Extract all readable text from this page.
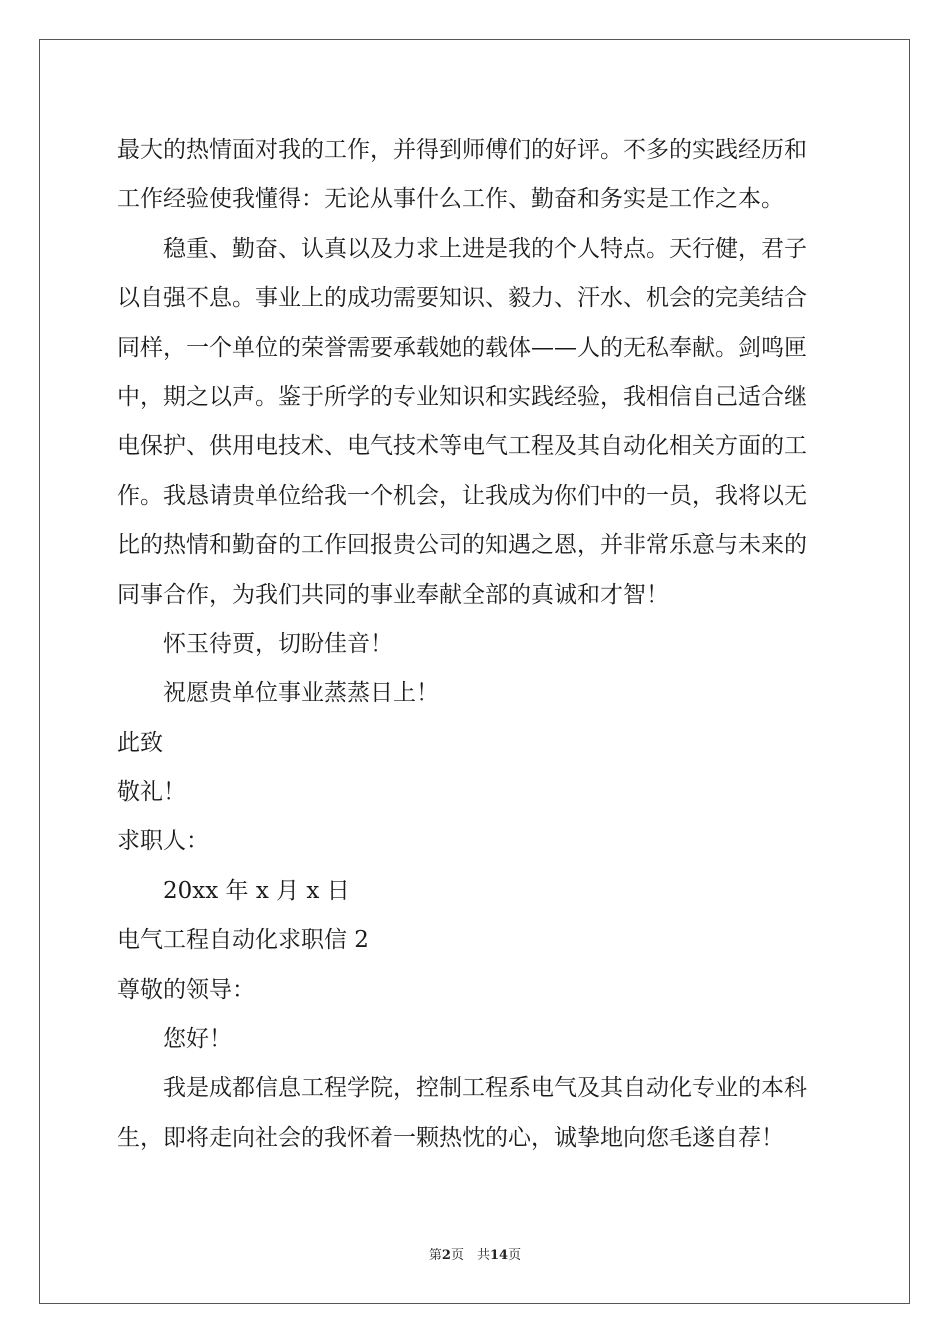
最大的热情面对我的工作，并得到师傅们的好评。不多的实践经历和
工作经验使我懂得：无论从事什么工作、勤奋和务实是工作之本。
稳重、勤奋、认真以及力求上进是我的个人特点。天行健，君子
以自强不息。事业上的成功需要知识、毅力、汗水、机会的完美结合
同样，一个单位的荣誉需要承载她的载体——人的无私奉献。剑鸣匣
中，期之以声。鉴于所学的专业知识和实践经验，我相信自己适合继
电保护、供用电技术、电气技术等电气工程及其自动化相关方面的工
作。我恳请贵单位给我一个机会，让我成为你们中的一员，我将以无
比的热情和勤奋的工作回报贵公司的知遇之恩，并非常乐意与未来的
同事合作，为我们共同的事业奉献全部的真诚和才智！
怀玉待贾，切盼佳音！
祝愿贵单位事业蒸蒸日上！
此致
敬礼！
求职人：
20xx 年 x 月 x 日
电气工程自动化求职信 2
尊敬的领导：
您好！
我是成都信息工程学院，控制工程系电气及其自动化专业的本科
生，即将走向社会的我怀着一颗热忱的心，诚挚地向您毛遂自荐！
第2页　共14页
